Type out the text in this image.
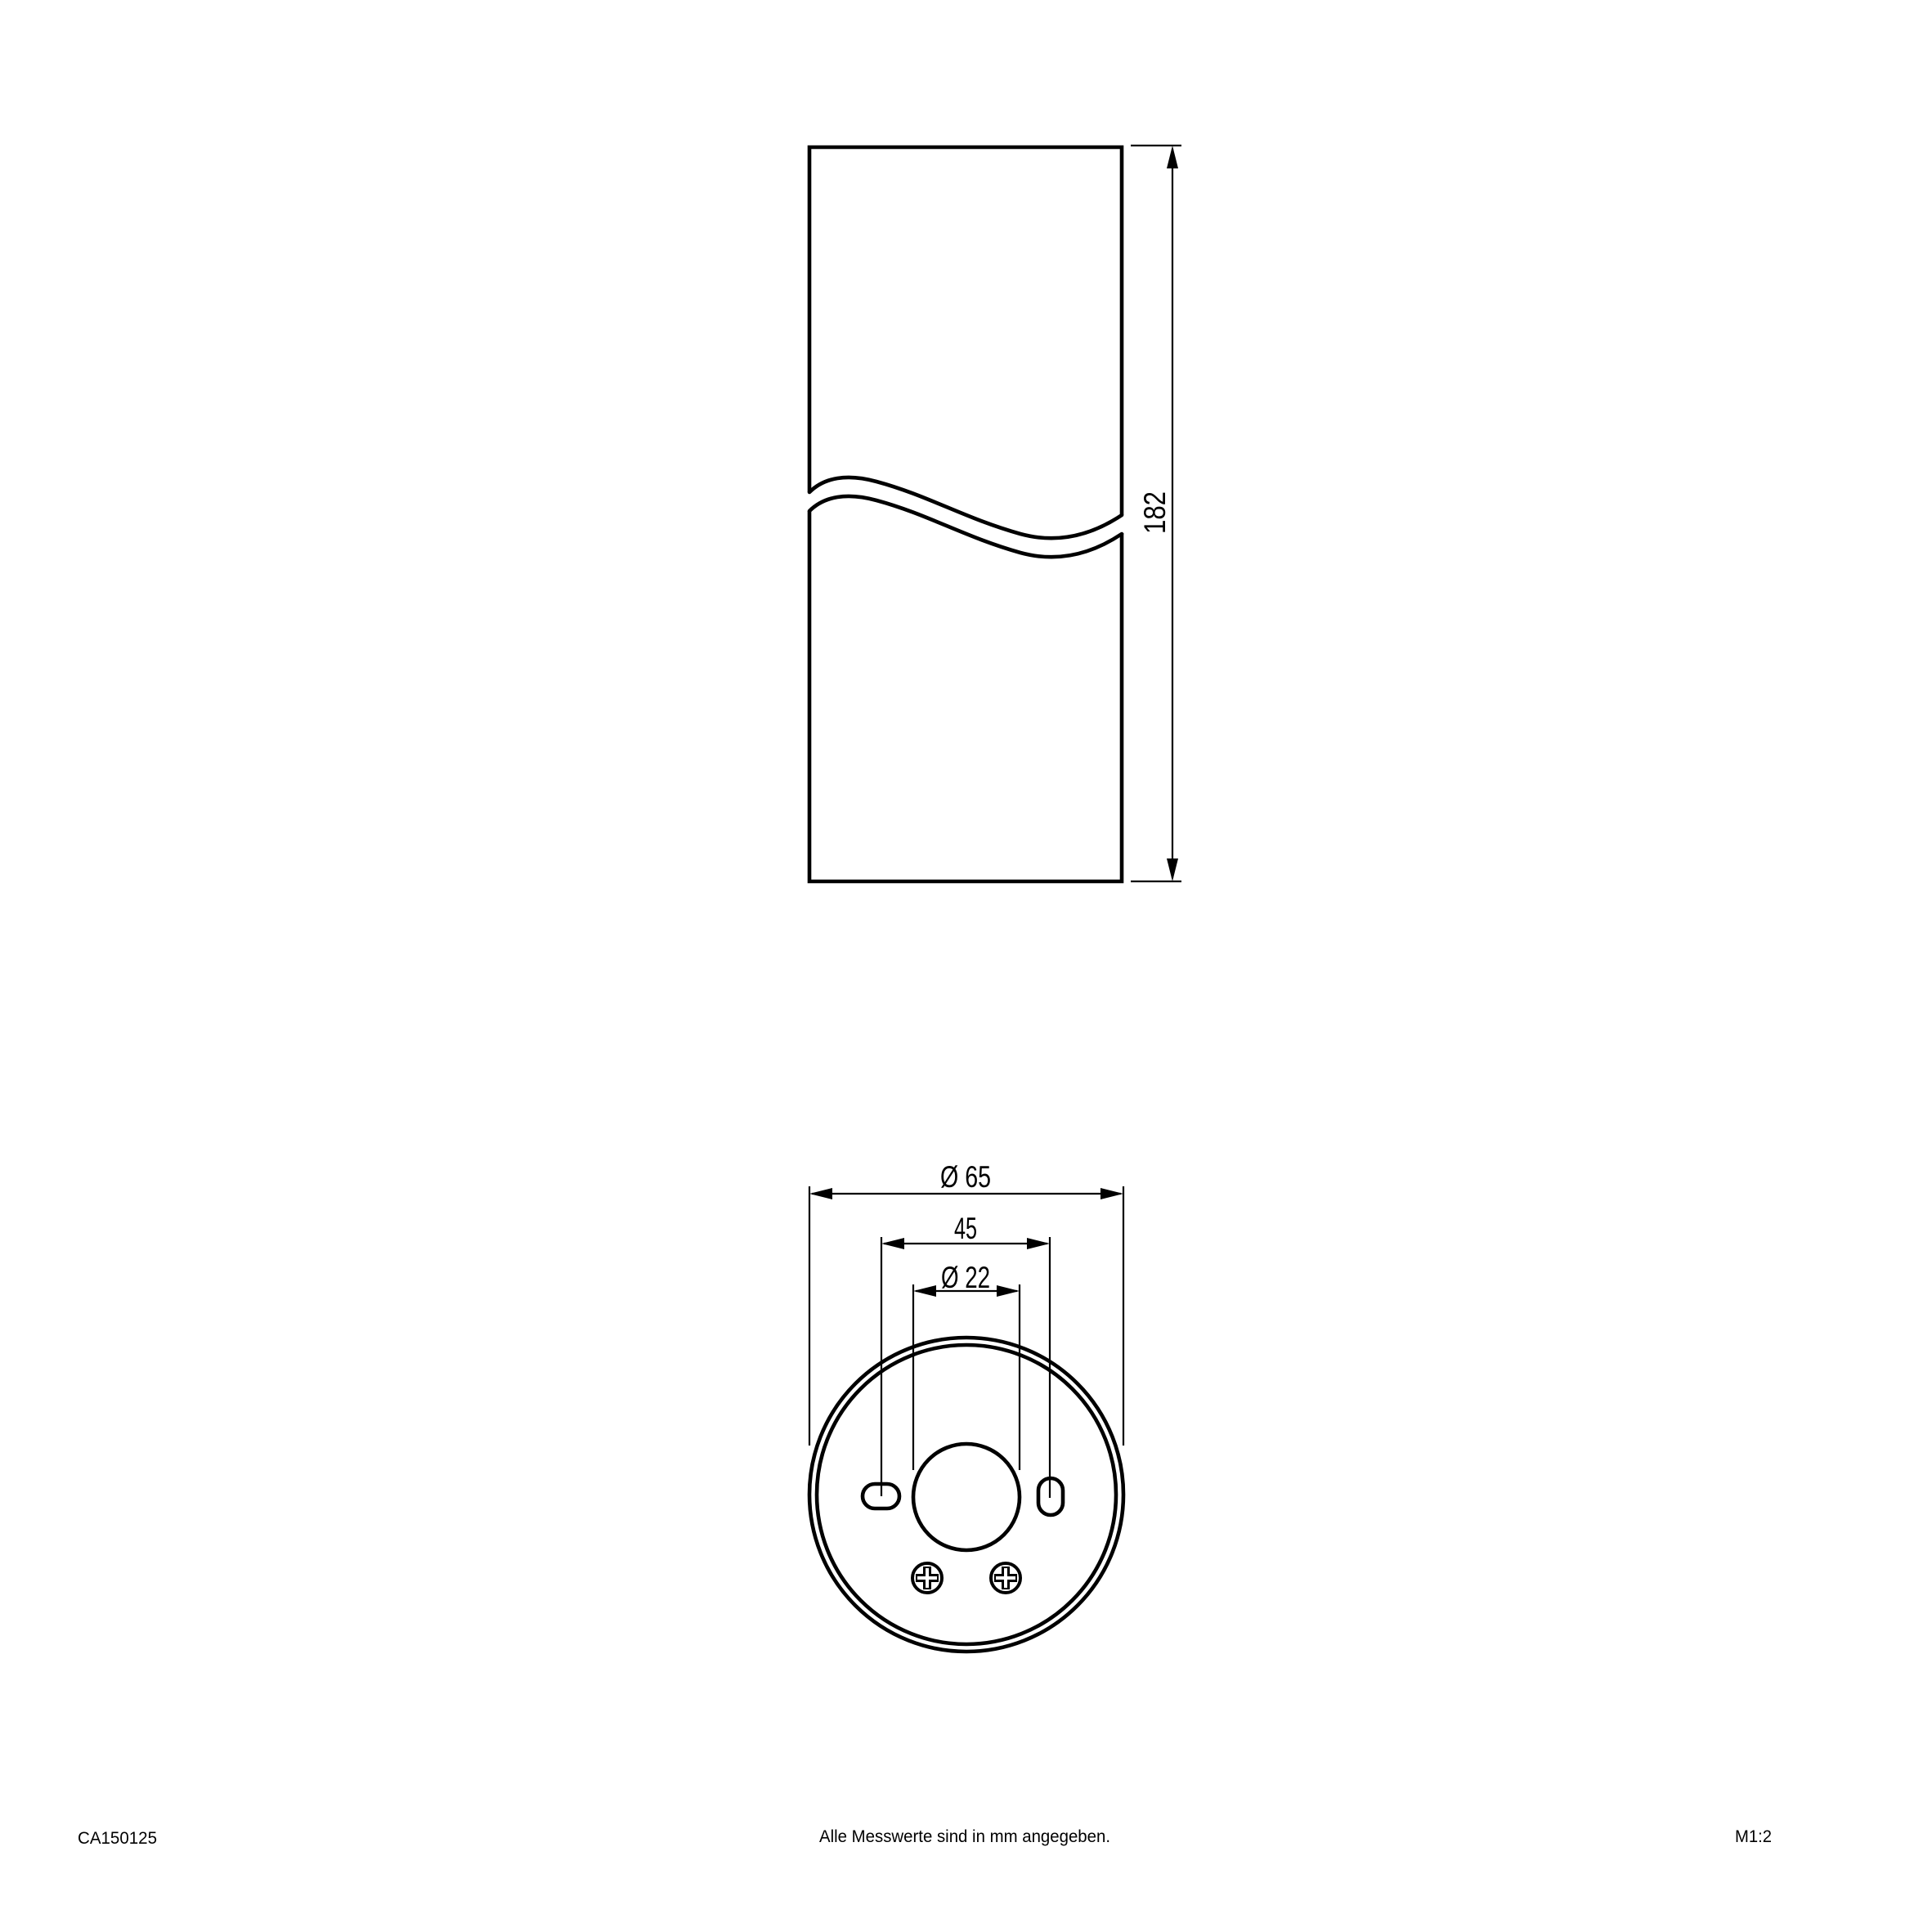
182
Ø 65
45
Ø 22
CA150125	Alle Messwerte sind in mm angegeben.	M1:2
